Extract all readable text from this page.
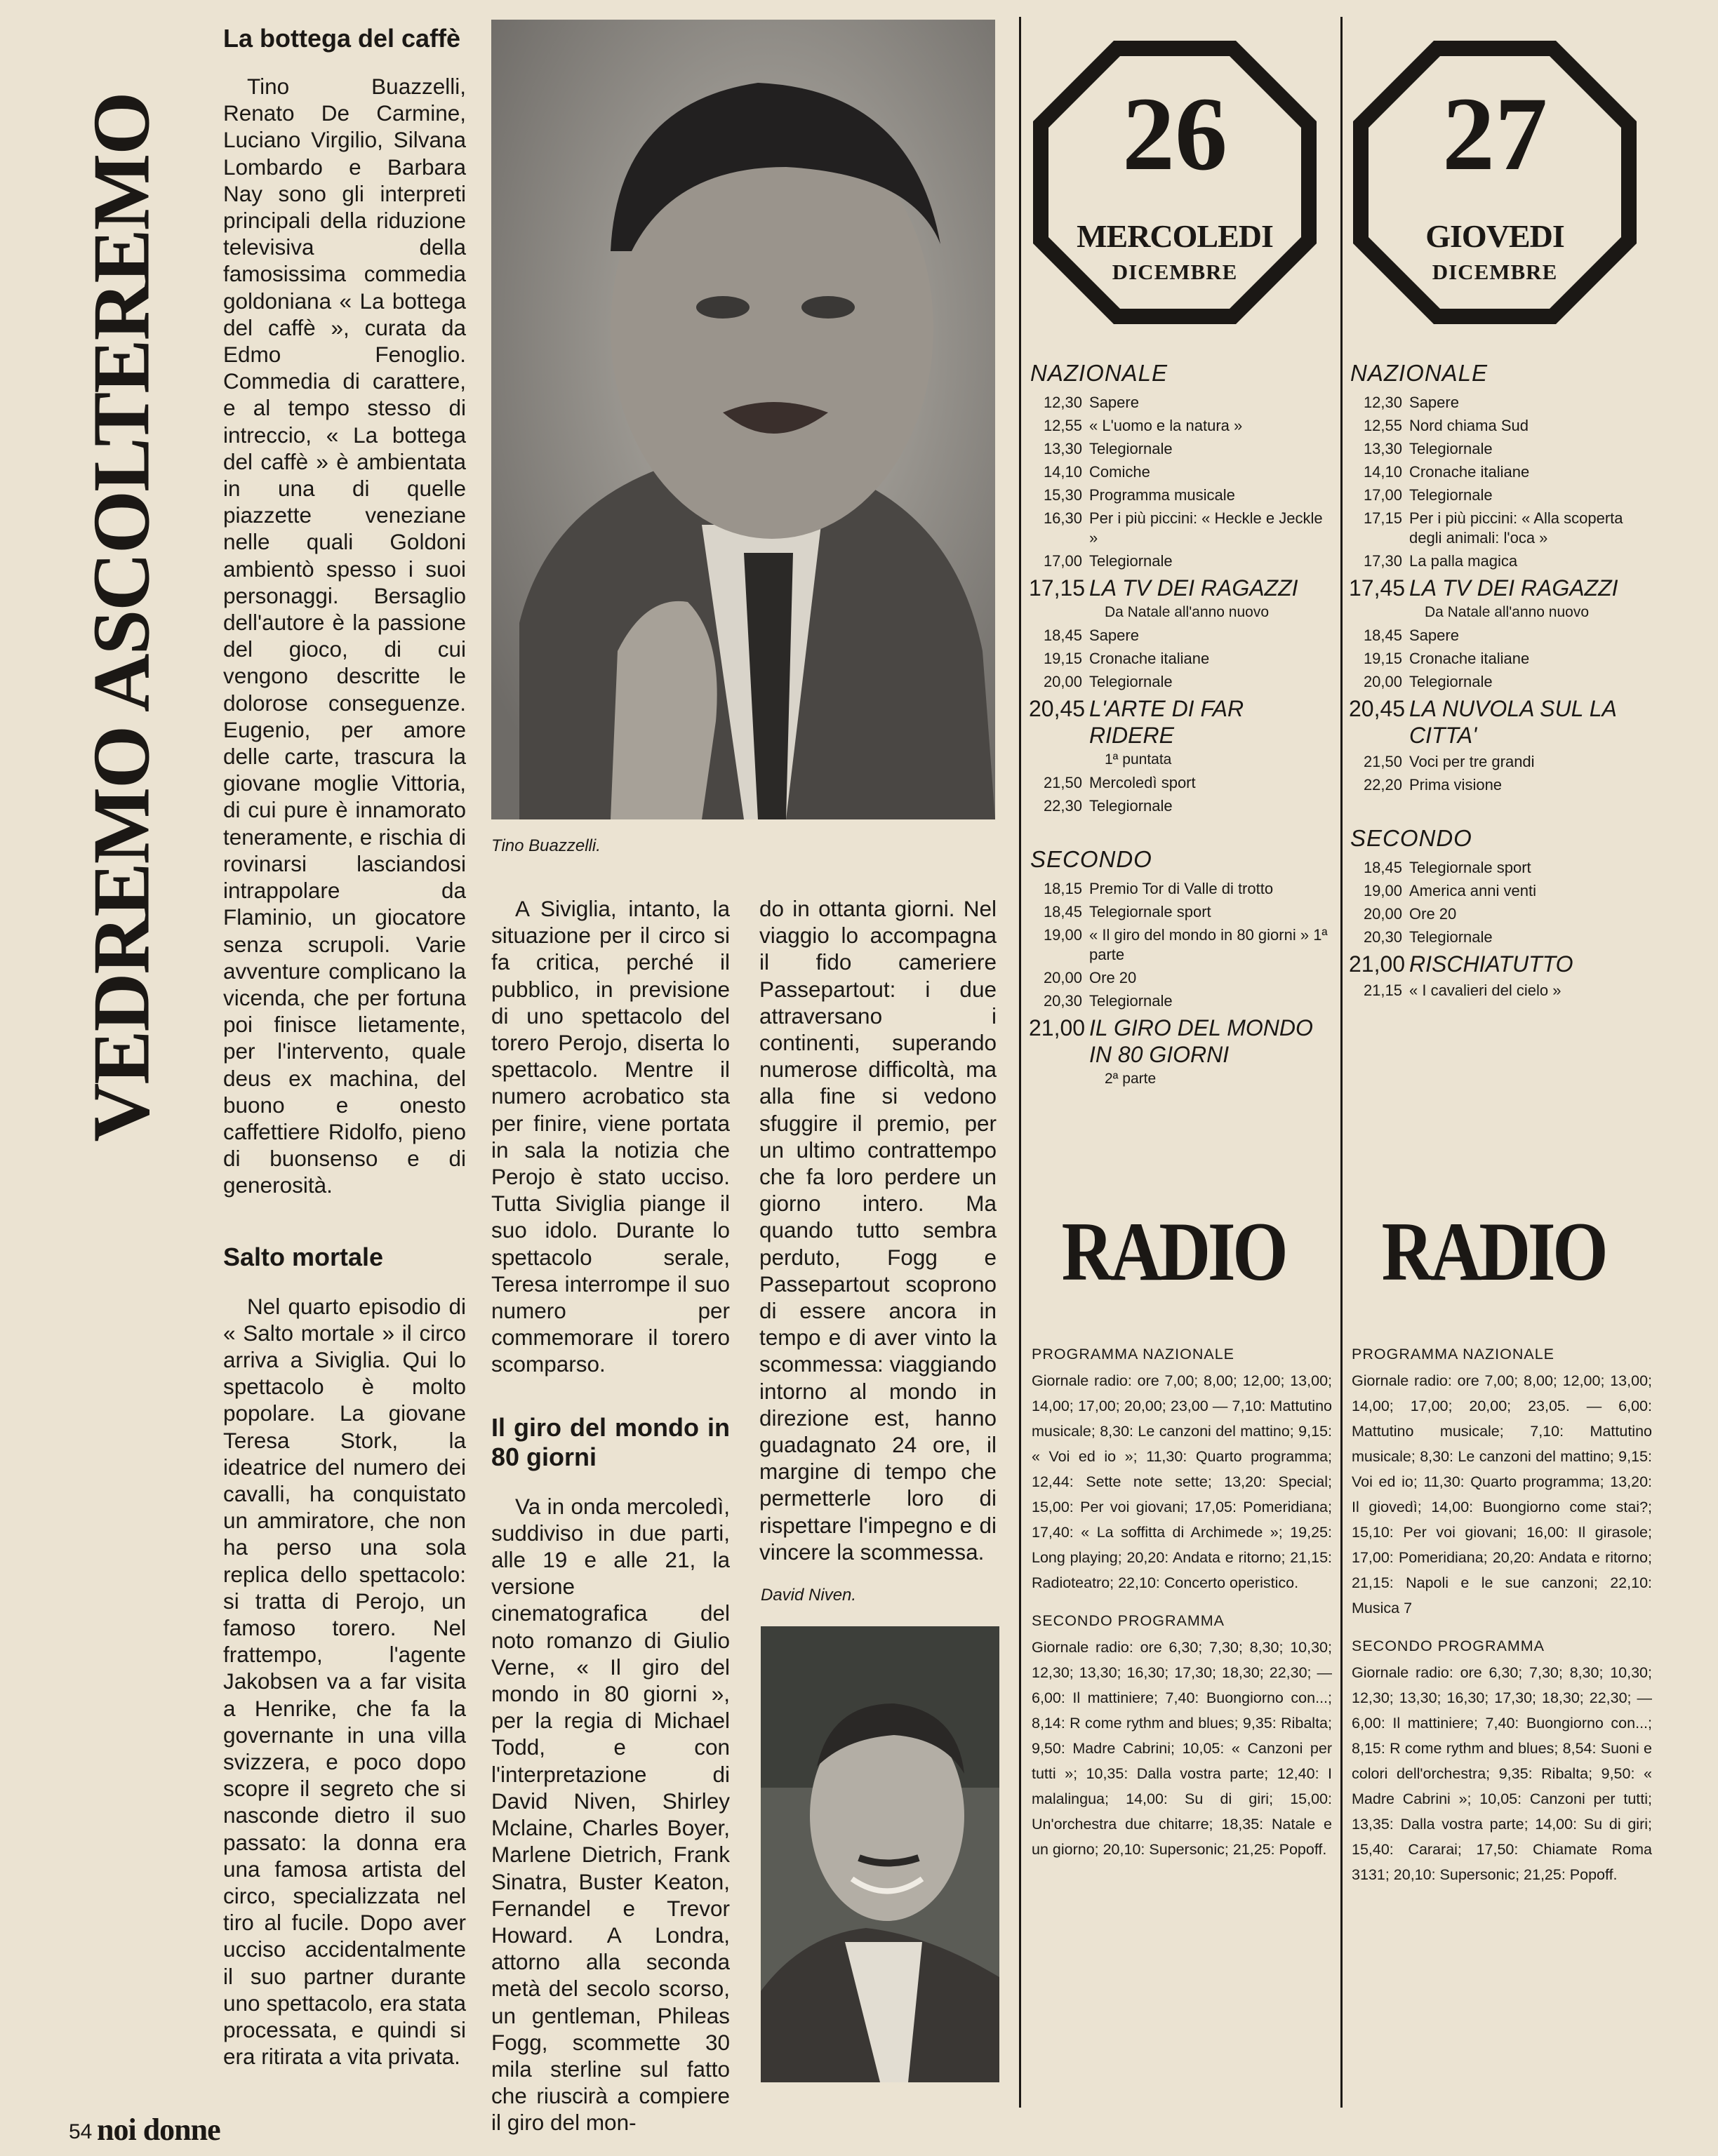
VEDREMO ASCOLTEREMO
La bottega del caffè

Tino Buazzelli, Renato De Carmine, Luciano Virgilio, Silvana Lombardo e Barbara Nay sono gli interpreti principali della riduzione televisiva della famosissima commedia goldoniana « La bottega del caffè », curata da Edmo Fenoglio. Commedia di carattere, e al tempo stesso di intreccio, « La bottega del caffè » è ambientata in una di quelle piazzette veneziane nelle quali Goldoni ambientò spesso i suoi personaggi. Bersaglio dell'autore è la passione del gioco, di cui vengono descritte le dolorose conseguenze. Eugenio, per amore delle carte, trascura la giovane moglie Vittoria, di cui pure è innamorato teneramente, e rischia di rovinarsi lasciandosi intrappolare da Flaminio, un giocatore senza scrupoli. Varie avventure complicano la vicenda, che per fortuna poi finisce lietamente, per l'intervento, quale deus ex machina, del buono e onesto caffettiere Ridolfo, pieno di buonsenso e di generosità.

Salto mortale

Nel quarto episodio di « Salto mortale » il circo arriva a Siviglia. Qui lo spettacolo è molto popolare. La giovane Teresa Stork, la ideatrice del numero dei cavalli, ha conquistato un ammiratore, che non ha perso una sola replica dello spettacolo: si tratta di Perojo, un famoso torero. Nel frattempo, l'agente Jakobsen va a far visita a Henrike, che fa la governante in una villa svizzera, e poco dopo scopre il segreto che si nasconde dietro il suo passato: la donna era una famosa artista del circo, specializzata nel tiro al fucile. Dopo aver ucciso accidentalmente il suo partner durante uno spettacolo, era stata processata, e quindi si era ritirata a vita privata.

Tino Buazzelli.

A Siviglia, intanto, la situazione per il circo si fa critica, perché il pubblico, in previsione di uno spettacolo del torero Perojo, diserta lo spettacolo. Mentre il numero acrobatico sta per finire, viene portata in sala la notizia che Perojo è stato ucciso. Tutta Siviglia piange il suo idolo. Durante lo spettacolo serale, Teresa interrompe il suo numero per commemorare il torero scomparso.

Il giro del mondo in 80 giorni

Va in onda mercoledì, suddiviso in due parti, alle 19 e alle 21, la versione cinematografica del noto romanzo di Giulio Verne, « Il giro del mondo in 80 giorni », per la regia di Michael Todd, e con l'interpretazione di David Niven, Shirley Mclaine, Charles Boyer, Marlene Dietrich, Frank Sinatra, Buster Keaton, Fernandel e Trevor Howard. A Londra, attorno alla seconda metà del secolo scorso, un gentleman, Phileas Fogg, scommette 30 mila sterline sul fatto che riuscirà a compiere il giro del mon-

do in ottanta giorni. Nel viaggio lo accompagna il fido cameriere Passepartout: i due attraversano i continenti, superando numerose difficoltà, ma alla fine si vedono sfuggire il premio, per un ultimo contrattempo che fa loro perdere un giorno intero. Ma quando tutto sembra perduto, Fogg e Passepartout scoprono di essere ancora in tempo e di aver vinto la scommessa: viaggiando intorno al mondo in direzione est, hanno guadagnato 24 ore, il margine di tempo che permetterle loro di rispettare l'impegno e di vincere la scommessa.

David Niven.
26
MERCOLEDI
DICEMBRE
27
GIOVEDI
DICEMBRE
NAZIONALE
12,30 Sapere
12,55 « L'uomo e la natura »
13,30 Telegiornale
14,10 Comiche
15,30 Programma musicale
16,30 Per i più piccini: « Heckle e Jeckle »
17,00 Telegiornale
17,15 LA TV DEI RAGAZZI
Da Natale all'anno nuovo
18,45 Sapere
19,15 Cronache italiane
20,00 Telegiornale
20,45 L'ARTE DI FAR RIDERE
1ª puntata
21,50 Mercoledì sport
22,30 Telegiornale
SECONDO
18,15 Premio Tor di Valle di trotto
18,45 Telegiornale sport
19,00 « Il giro del mondo in 80 giorni » 1ª parte
20,00 Ore 20
20,30 Telegiornale
21,00 IL GIRO DEL MONDO IN 80 GIORNI
2ª parte
NAZIONALE
12,30 Sapere
12,55 Nord chiama Sud
13,30 Telegiornale
14,10 Cronache italiane
17,00 Telegiornale
17,15 Per i più piccini: « Alla scoperta degli animali: l'oca »
17,30 La palla magica
17,45 LA TV DEI RAGAZZI
Da Natale all'anno nuovo
18,45 Sapere
19,15 Cronache italiane
20,00 Telegiornale
20,45 LA NUVOLA SUL LA CITTA'
21,50 Voci per tre grandi
22,20 Prima visione
SECONDO
18,45 Telegiornale sport
19,00 America anni venti
20,00 Ore 20
20,30 Telegiornale
21,00 RISCHIATUTTO
21,15 « I cavalieri del cielo »
RADIO RADIO
PROGRAMMA NAZIONALE

Giornale radio: ore 7,00; 8,00; 12,00; 13,00; 14,00; 17,00; 20,00; 23,00 — 7,10: Mattutino musicale; 8,30: Le canzoni del mattino; 9,15: « Voi ed io »; 11,30: Quarto programma; 12,44: Sette note sette; 13,20: Special; 15,00: Per voi giovani; 17,05: Pomeridiana; 17,40: « La soffitta di Archimede »; 19,25: Long playing; 20,20: Andata e ritorno; 21,15: Radioteatro; 22,10: Concerto operistico.

SECONDO PROGRAMMA

Giornale radio: ore 6,30; 7,30; 8,30; 10,30; 12,30; 13,30; 16,30; 17,30; 18,30; 22,30; — 6,00: Il mattiniere; 7,40: Buongiorno con...; 8,14: R come rythm and blues; 9,35: Ribalta; 9,50: Madre Cabrini; 10,05: « Canzoni per tutti »; 10,35: Dalla vostra parte; 12,40: I malalingua; 14,00: Su di giri; 15,00: Un'orchestra due chitarre; 18,35: Natale e un giorno; 20,10: Supersonic; 21,25: Popoff.

PROGRAMMA NAZIONALE

Giornale radio: ore 7,00; 8,00; 12,00; 13,00; 14,00; 17,00; 20,00; 23,05. — 6,00: Mattutino musicale; 7,10: Mattutino musicale; 8,30: Le canzoni del mattino; 9,15: Voi ed io; 11,30: Quarto programma; 13,20: Il giovedì; 14,00: Buongiorno come stai?; 15,10: Per voi giovani; 16,00: Il girasole; 17,00: Pomeridiana; 20,20: Andata e ritorno; 21,15: Napoli e le sue canzoni; 22,10: Musica 7

SECONDO PROGRAMMA

Giornale radio: ore 6,30; 7,30; 8,30; 10,30; 12,30; 13,30; 16,30; 17,30; 18,30; 22,30; — 6,00: Il mattiniere; 7,40: Buongiorno con...; 8,15: R come rythm and blues; 8,54: Suoni e colori dell'orchestra; 9,35: Ribalta; 9,50: « Madre Cabrini »; 10,05: Canzoni per tutti; 13,35: Dalla vostra parte; 14,00: Su di giri; 15,40: Cararai; 17,50: Chiamate Roma 3131; 20,10: Supersonic; 21,25: Popoff.

54 noi donne
